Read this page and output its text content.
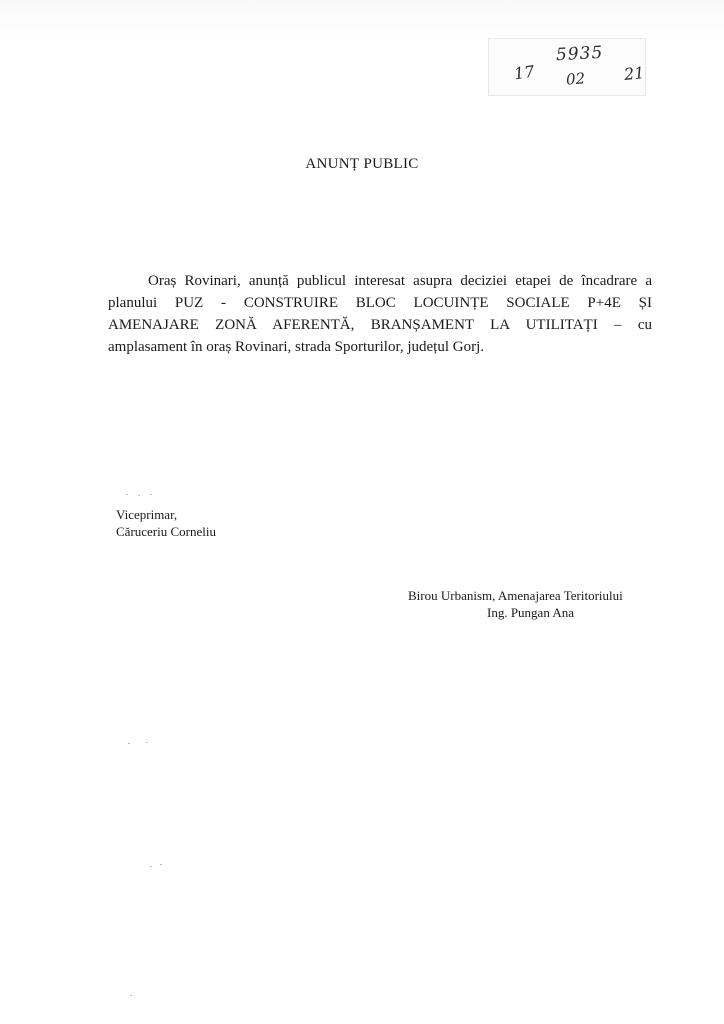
5935
17 02 21
ANUNȚ PUBLIC

Oraș Rovinari, anunță publicul interesat asupra deciziei etapei de încadrare a
planului PUZ - CONSTRUIRE BLOC LOCUINȚE SOCIALE P+4E ȘI
AMENAJARE ZONĂ AFERENTĂ, BRANȘAMENT LA UTILITAȚI – cu
amplasament în oraș Rovinari, strada Sporturilor, județul Gorj.

Viceprimar,
Căruceriu Corneliu
Birou Urbanism, Amenajarea Teritoriului
Ing. Pungan Ana
